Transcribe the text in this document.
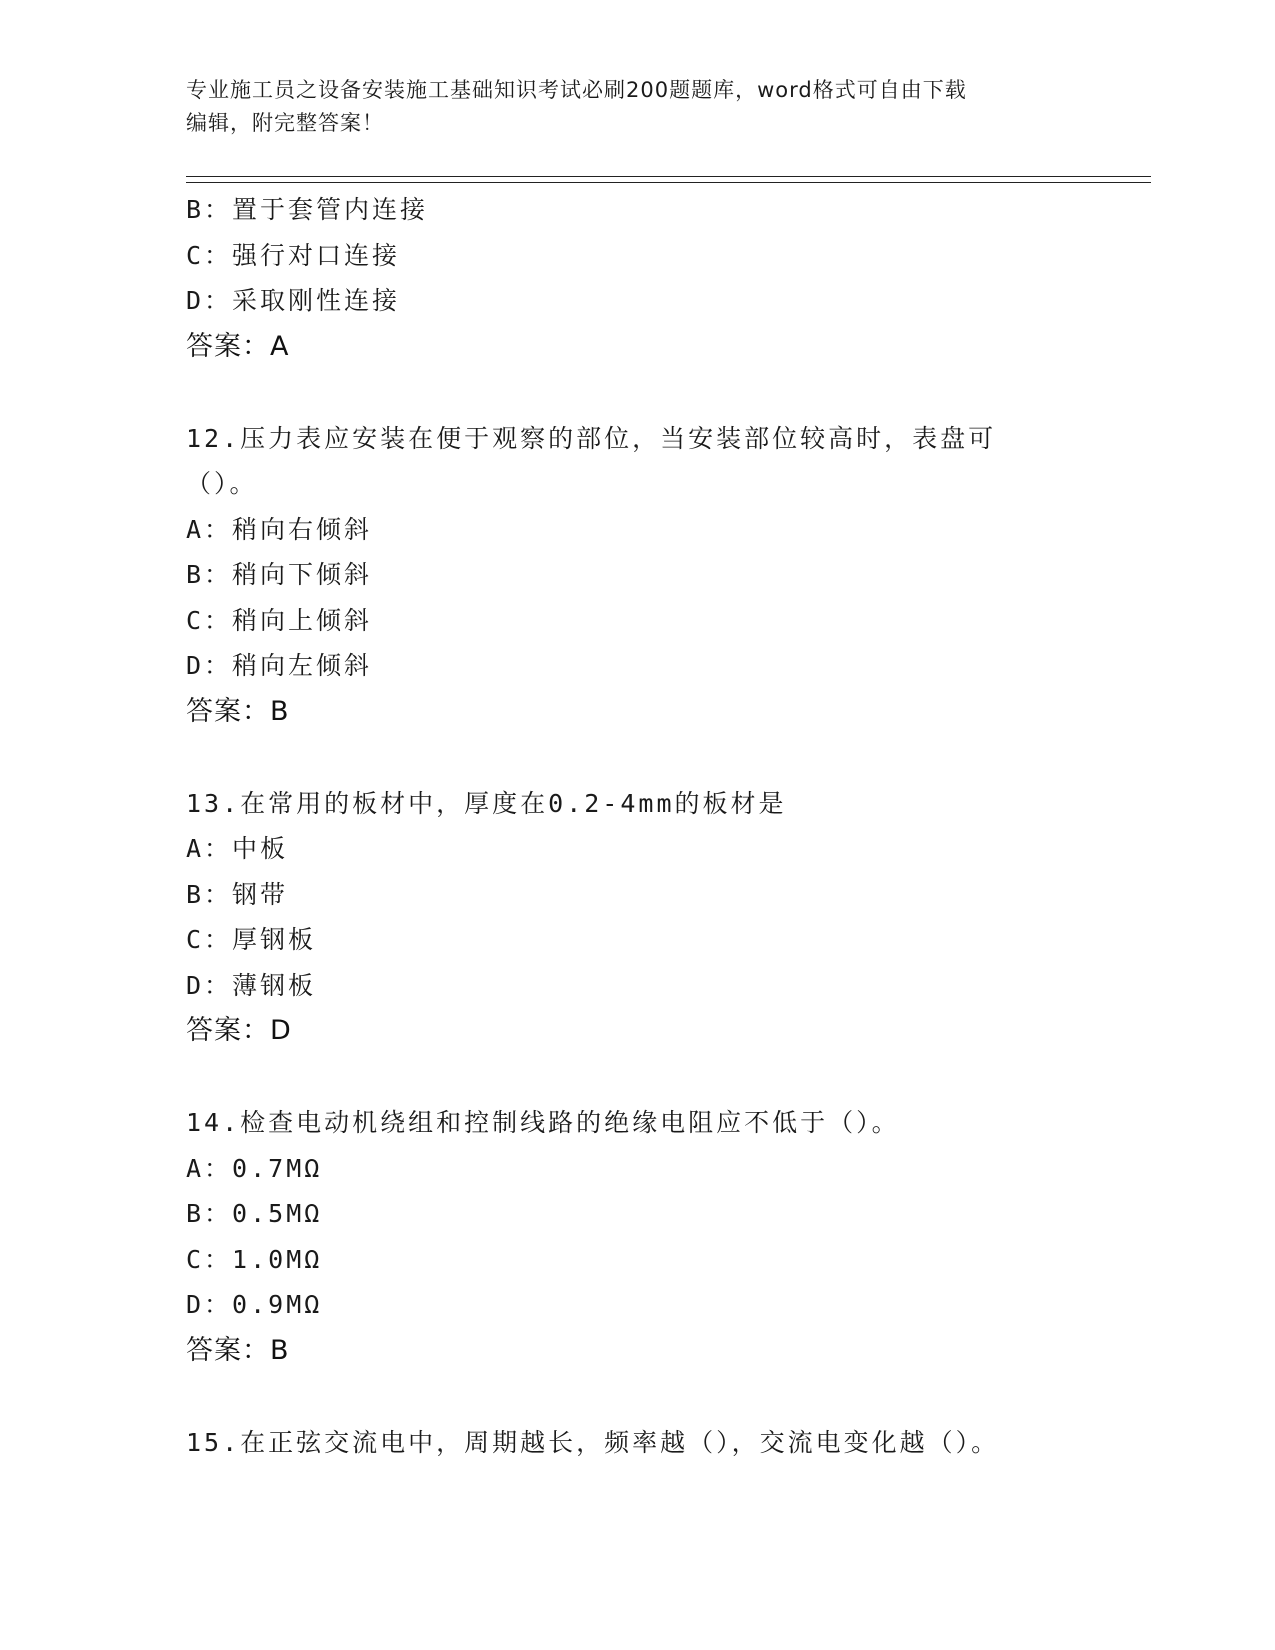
专业施工员之设备安装施工基础知识考试必刷200题题库，word格式可自由下载
编辑，附完整答案！
B：置于套管内连接
C：强行对口连接
D：采取刚性连接
答案：A
12.压力表应安装在便于观察的部位，当安装部位较高时，表盘可（）。
A：稍向右倾斜
B：稍向下倾斜
C：稍向上倾斜
D：稍向左倾斜
答案：B
13.在常用的板材中，厚度在0.2-4mm的板材是
A：中板
B：钢带
C：厚钢板
D：薄钢板
答案：D
14.检查电动机绕组和控制线路的绝缘电阻应不低于（）。
A：0.7MΩ
B：0.5MΩ
C：1.0MΩ
D：0.9MΩ
答案：B
15.在正弦交流电中，周期越长，频率越（），交流电变化越（）。
